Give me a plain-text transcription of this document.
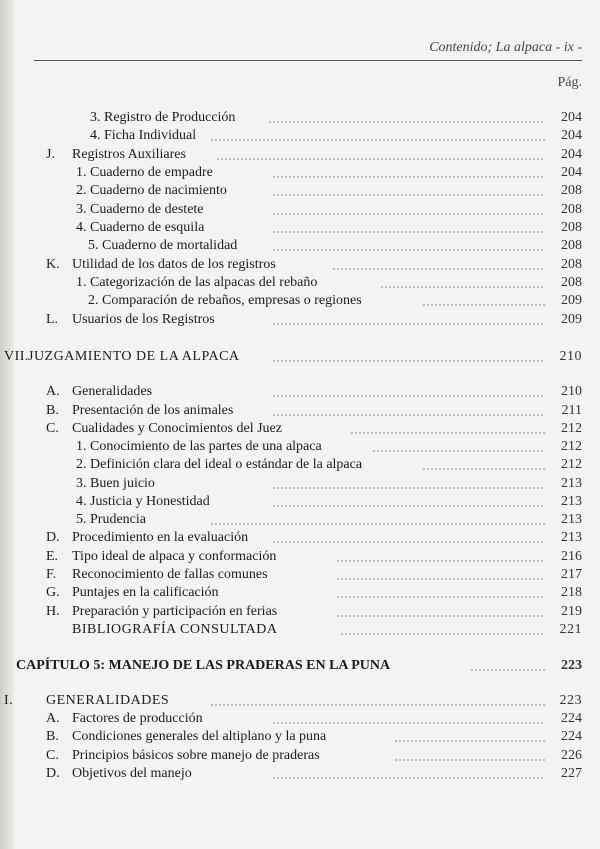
Contenido; La alpaca - ix -
Pág.
3. Registro de Producción	204
4. Ficha Individual	204
J. Registros Auxiliares	204
1. Cuaderno de empadre	204
2. Cuaderno de nacimiento	208
3. Cuaderno de destete	208
4. Cuaderno de esquila	208
5. Cuaderno de mortalidad	208
K. Utilidad de los datos de los registros	208
1. Categorización de las alpacas del rebaño	208
2. Comparación de rebaños, empresas o regiones	209
L. Usuarios de los Registros	209
VII. JUZGAMIENTO DE LA ALPACA	210
A. Generalidades	210
B. Presentación de los animales	211
C. Cualidades y Conocimientos del Juez	212
1. Conocimiento de las partes de una alpaca	212
2. Definición clara del ideal o estándar de la alpaca	212
3. Buen juicio	213
4. Justicia y Honestidad	213
5. Prudencia	213
D. Procedimiento en la evaluación	213
E. Tipo ideal de alpaca y conformación	216
F. Reconocimiento de fallas comunes	217
G. Puntajes en la calificación	218
H. Preparación y participación en ferias	219
BIBLIOGRAFÍA CONSULTADA	221
CAPÍTULO 5: MANEJO DE LAS PRADERAS EN LA PUNA	223
I. GENERALIDADES	223
A. Factores de producción	224
B. Condiciones generales del altiplano y la puna	224
C. Principios básicos sobre manejo de praderas	226
D. Objetivos del manejo	227
